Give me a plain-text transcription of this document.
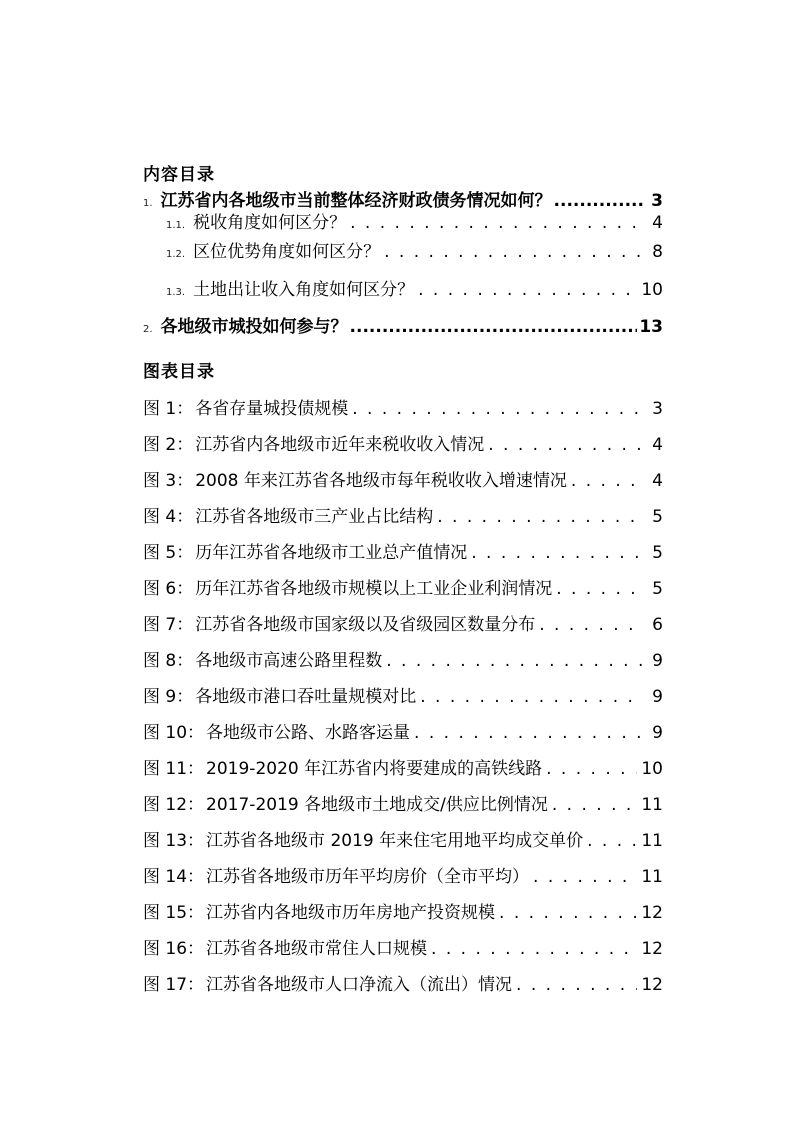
内容目录
1. 江苏省内各地级市当前整体经济财政债务情况如何？ .....	3
1.1. 税收角度如何区分？ . . .	4
1.2. 区位优势角度如何区分？ . . .	8
1.3. 土地出让收入角度如何区分？ . . .	10
2. 各地级市城投如何参与？ .....	13
图表目录
图 1： 各省存量城投债规模 . . .	3
图 2： 江苏省内各地级市近年来税收收入情况 . . .	4
图 3： 2008 年来江苏省各地级市每年税收收入增速情况 . . .	4
图 4： 江苏省各地级市三产业占比结构 . . .	5
图 5： 历年江苏省各地级市工业总产值情况 . . .	5
图 6： 历年江苏省各地级市规模以上工业企业利润情况 . . .	5
图 7： 江苏省各地级市国家级以及省级园区数量分布 . . .	6
图 8： 各地级市高速公路里程数 . . .	9
图 9： 各地级市港口吞吐量规模对比 . . .	9
图 10： 各地级市公路、水路客运量 . . .	9
图 11： 2019-2020 年江苏省内将要建成的高铁线路 . . .	10
图 12： 2017-2019 各地级市土地成交/供应比例情况 . . .	11
图 13： 江苏省各地级市 2019 年来住宅用地平均成交单价 . . .	11
图 14： 江苏省各地级市历年平均房价（全市平均） . . .	11
图 15： 江苏省内各地级市历年房地产投资规模 . . .	12
图 16： 江苏省各地级市常住人口规模 . . .	12
图 17： 江苏省各地级市人口净流入（流出）情况 . . .	12
